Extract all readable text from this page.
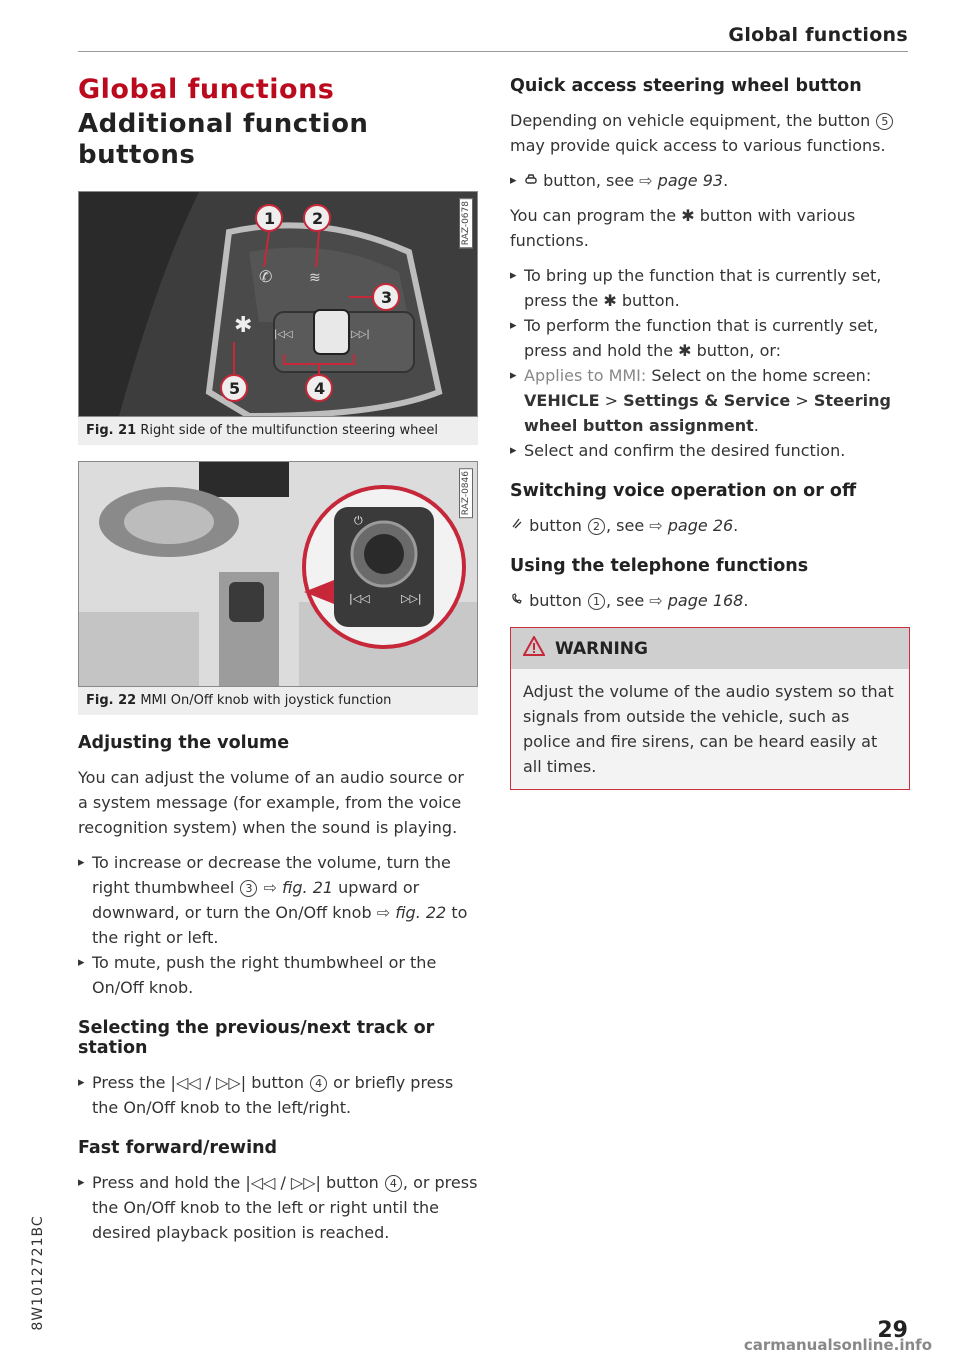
Global functions
Global functions
Additional function buttons
✱ |◁◁	▷▷|
✆	≋
1 2
3
4
5
RAZ-0678
Fig. 21 Right side of the multifunction steering wheel
|◁◁	▷▷|
⏻
RAZ-0846
Fig. 22 MMI On/Off knob with joystick function
Adjusting the volume

You can adjust the volume of an audio source or a system message (for example, from the voice recognition system) when the sound is playing.

▸ To increase or decrease the volume, turn the right thumbwheel 3 ⇨ fig. 21 upward or downward, or turn the On/Off knob ⇨ fig. 22 to the right or left.
▸ To mute, push the right thumbwheel or the On/Off knob.
Selecting the previous/next track or station
▸ Press the |◁◁ / ▷▷| button 4 or briefly press the On/Off knob to the left/right.
Fast forward/rewind
▸ Press and hold the |◁◁ / ▷▷| button 4 , or press the On/Off knob to the left or right until the desired playback position is reached.
Quick access steering wheel button

Depending on vehicle equipment, the button 5 may provide quick access to various functions.

▸ button, see ⇨ page 93.

You can program the ✱ button with various functions.

▸ To bring up the function that is currently set, press the ✱ button.
▸ To perform the function that is currently set, press and hold the ✱ button, or:
▸ Applies to MMI: Select on the home screen: VEHICLE > Settings & Service > Steering wheel button assignment.
▸ Select and confirm the desired function.
Switching voice operation on or off

button 2 , see ⇨ page 26.

Using the telephone functions

button 1 , see ⇨ page 168.

WARNING

Adjust the volume of the audio system so that signals from outside the vehicle, such as police and fire sirens, can be heard easily at all times.

8W1012721BC	29
carmanualsonline.info
